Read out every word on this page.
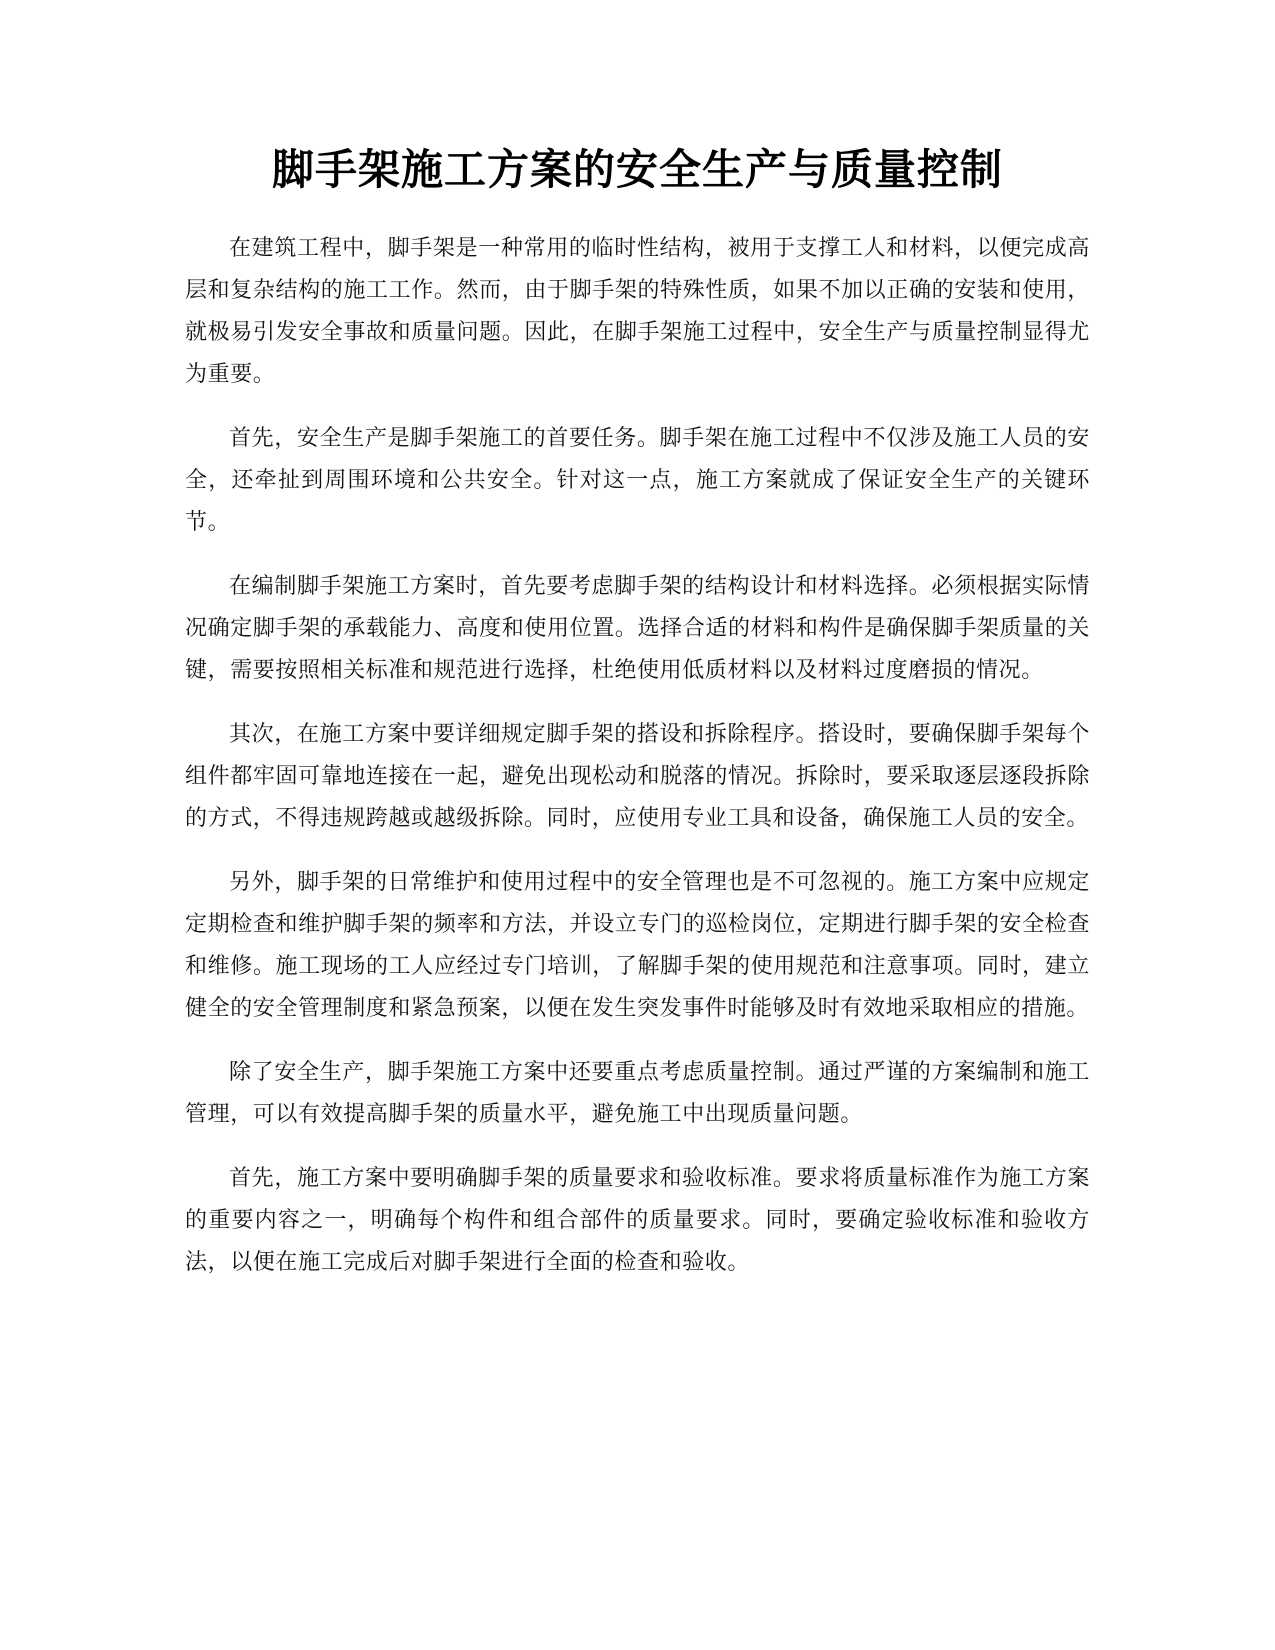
脚手架施工方案的安全生产与质量控制

在建筑工程中，脚手架是一种常用的临时性结构，被用于支撑工人和材料，以便完成高层和复杂结构的施工工作。然而，由于脚手架的特殊性质，如果不加以正确的安装和使用，就极易引发安全事故和质量问题。因此，在脚手架施工过程中，安全生产与质量控制显得尤为重要。

首先，安全生产是脚手架施工的首要任务。脚手架在施工过程中不仅涉及施工人员的安全，还牵扯到周围环境和公共安全。针对这一点，施工方案就成了保证安全生产的关键环节。

在编制脚手架施工方案时，首先要考虑脚手架的结构设计和材料选择。必须根据实际情况确定脚手架的承载能力、高度和使用位置。选择合适的材料和构件是确保脚手架质量的关键，需要按照相关标准和规范进行选择，杜绝使用低质材料以及材料过度磨损的情况。

其次，在施工方案中要详细规定脚手架的搭设和拆除程序。搭设时，要确保脚手架每个组件都牢固可靠地连接在一起，避免出现松动和脱落的情况。拆除时，要采取逐层逐段拆除的方式，不得违规跨越或越级拆除。同时，应使用专业工具和设备，确保施工人员的安全。

另外，脚手架的日常维护和使用过程中的安全管理也是不可忽视的。施工方案中应规定定期检查和维护脚手架的频率和方法，并设立专门的巡检岗位，定期进行脚手架的安全检查和维修。施工现场的工人应经过专门培训，了解脚手架的使用规范和注意事项。同时，建立健全的安全管理制度和紧急预案，以便在发生突发事件时能够及时有效地采取相应的措施。

除了安全生产，脚手架施工方案中还要重点考虑质量控制。通过严谨的方案编制和施工管理，可以有效提高脚手架的质量水平，避免施工中出现质量问题。

首先，施工方案中要明确脚手架的质量要求和验收标准。要求将质量标准作为施工方案的重要内容之一，明确每个构件和组合部件的质量要求。同时，要确定验收标准和验收方法，以便在施工完成后对脚手架进行全面的检查和验收。
